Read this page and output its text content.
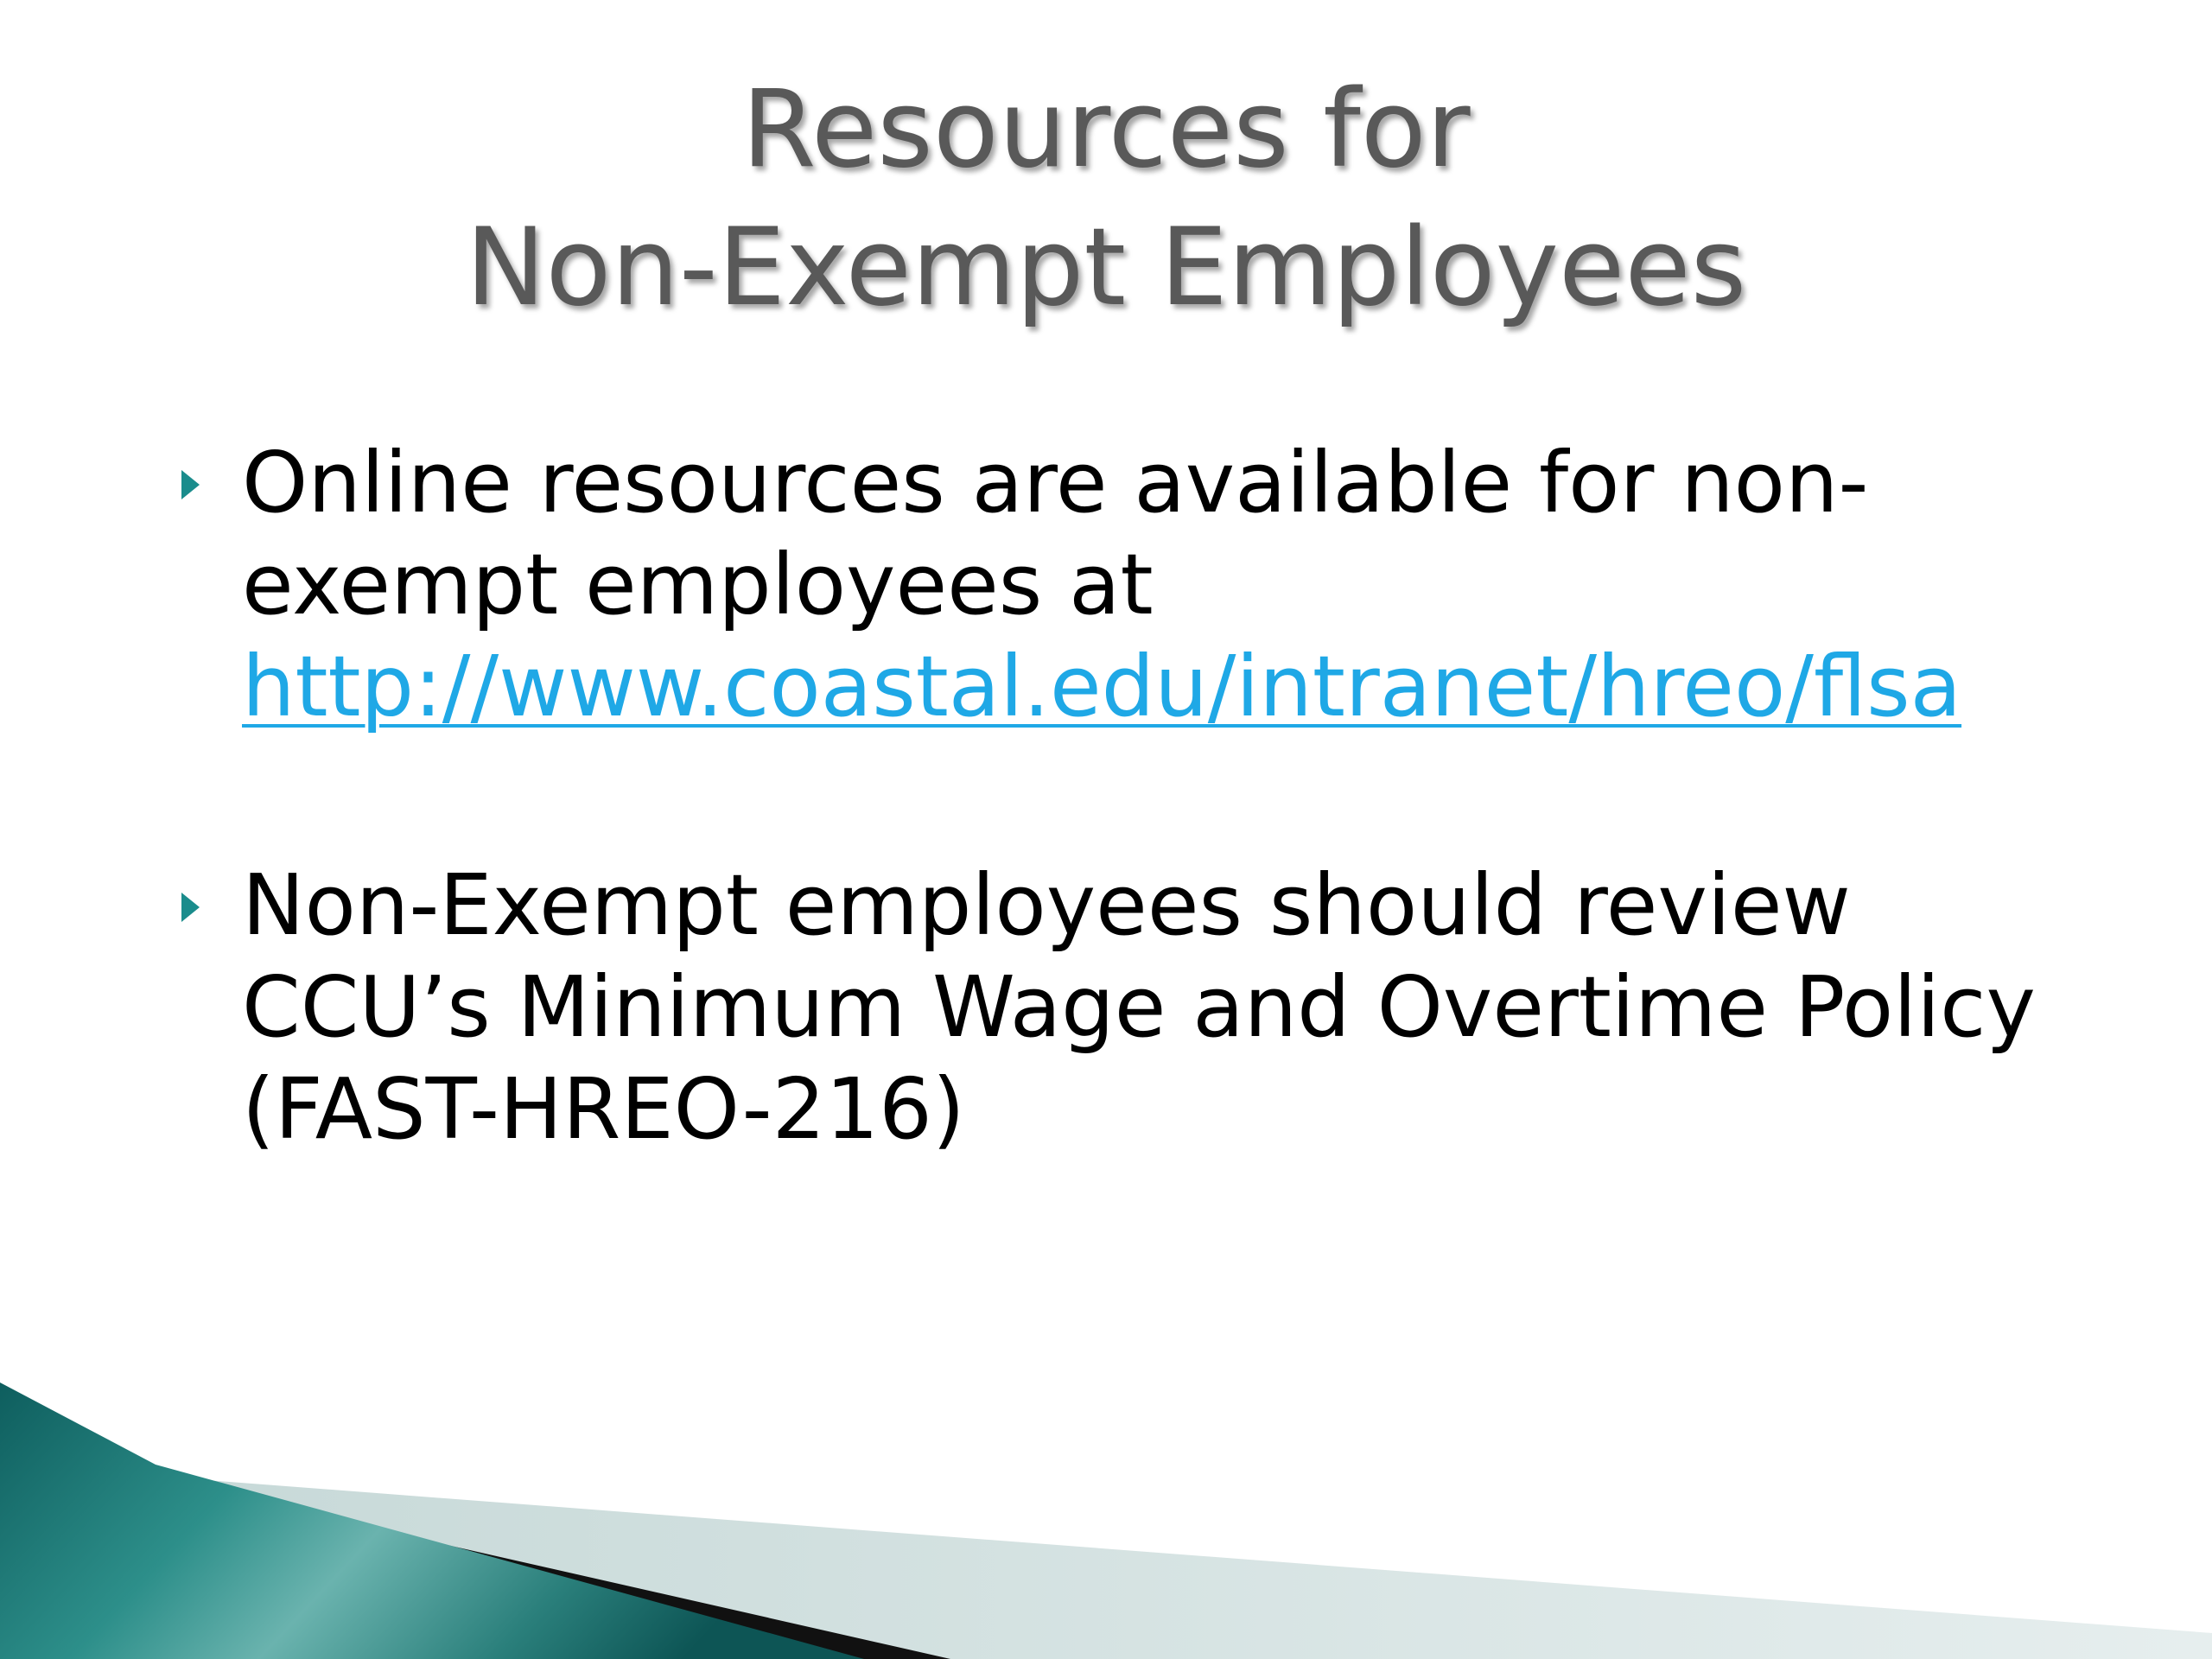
Resources for
Non-Exempt Employees
Online resources are available for non-exempt employees at
http://www.coastal.edu/intranet/hreo/flsa
Non-Exempt employees should review CCU’s Minimum Wage and Overtime Policy (FAST-HREO-216)
